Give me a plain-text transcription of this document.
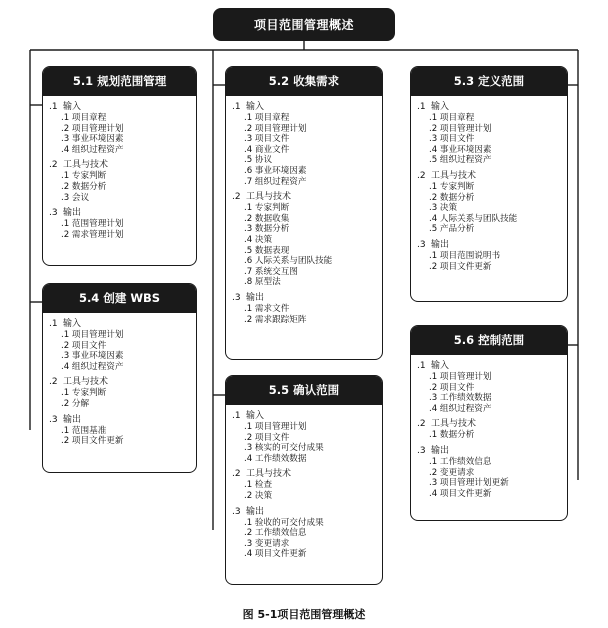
项目范围管理概述
5.1 规划范围管理
.1 输入
.1 项目章程
.2 项目管理计划
.3 事业环境因素
.4 组织过程资产
.2 工具与技术
.1 专家判断
.2 数据分析
.3 会议
.3 输出
.1 范围管理计划
.2 需求管理计划
5.2 收集需求
.1 输入
.1 项目章程
.2 项目管理计划
.3 项目文件
.4 商业文件
.5 协议
.6 事业环境因素
.7 组织过程资产
.2 工具与技术
.1 专家判断
.2 数据收集
.3 数据分析
.4 决策
.5 数据表现
.6 人际关系与团队技能
.7 系统交互图
.8 原型法
.3 输出
.1 需求文件
.2 需求跟踪矩阵
5.3 定义范围
.1 输入
.1 项目章程
.2 项目管理计划
.3 项目文件
.4 事业环境因素
.5 组织过程资产
.2 工具与技术
.1 专家判断
.2 数据分析
.3 决策
.4 人际关系与团队技能
.5 产品分析
.3 输出
.1 项目范围说明书
.2 项目文件更新
5.4 创建 WBS
.1 输入
.1 项目管理计划
.2 项目文件
.3 事业环境因素
.4 组织过程资产
.2 工具与技术
.1 专家判断
.2 分解
.3 输出
.1 范围基准
.2 项目文件更新
5.5 确认范围
.1 输入
.1 项目管理计划
.2 项目文件
.3 核实的可交付成果
.4 工作绩效数据
.2 工具与技术
.1 检查
.2 决策
.3 输出
.1 验收的可交付成果
.2 工作绩效信息
.3 变更请求
.4 项目文件更新
5.6 控制范围
.1 输入
.1 项目管理计划
.2 项目文件
.3 工作绩效数据
.4 组织过程资产
.2 工具与技术
.1 数据分析
.3 输出
.1 工作绩效信息
.2 变更请求
.3 项目管理计划更新
.4 项目文件更新
图 5-1项目范围管理概述
